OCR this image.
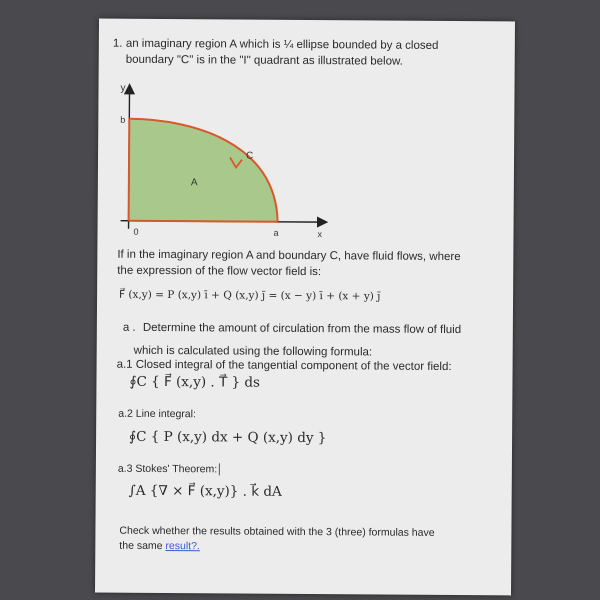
1. an imaginary region A which is ¼ ellipse bounded by a closed
boundary "C" is in the "I" quadrant as illustrated below.
y
x
b
a
0
A
C
If in the imaginary region A and boundary C, have fluid flows, where
the expression of the flow vector field is:
F⃗ (x,y) = P (x,y) ī + Q (x,y) j̄ = (x − y) ī + (x + y) j̄
a . Determine the amount of circulation from the mass flow of fluid
which is calculated using the following formula:
a.1 Closed integral of the tangential component of the vector field:
∮C { F⃗ (x,y) . T⃗ } ds
a.2 Line integral:
∮C { P (x,y) dx + Q (x,y) dy }
a.3 Stokes' Theorem:
∫A {∇ × F⃗ (x,y)} . k⃗ dA
Check whether the results obtained with the 3 (three) formulas have
the same result?.
